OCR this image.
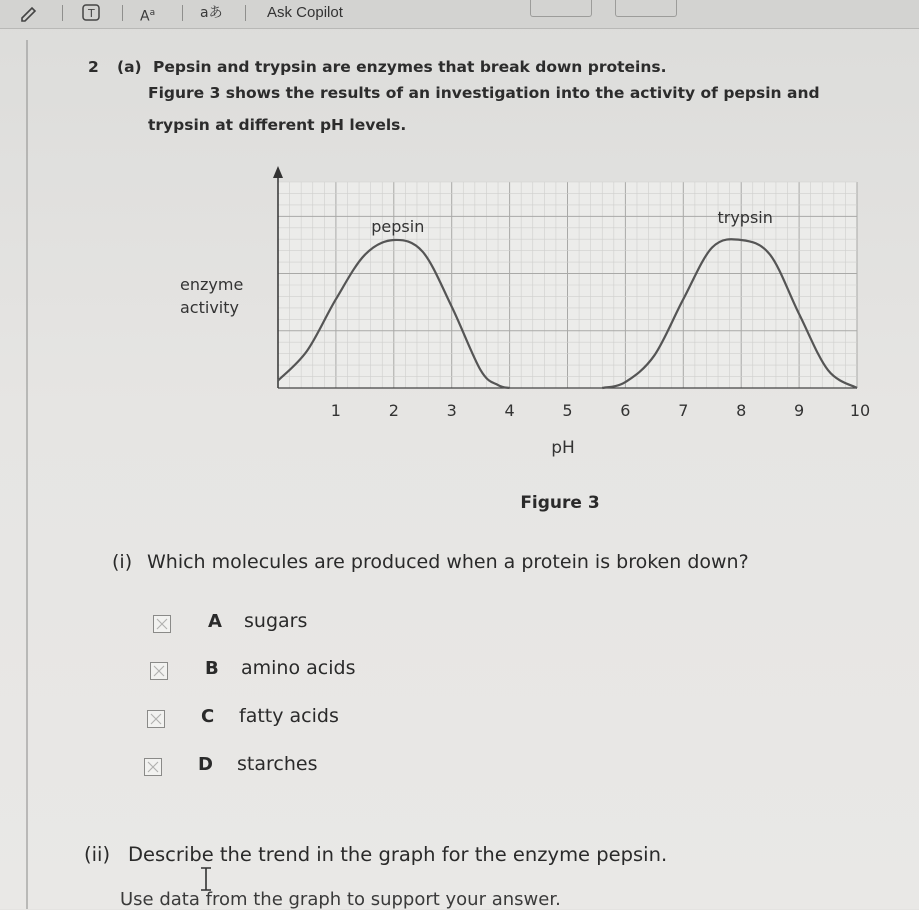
T	$A^a$	aあ	Ask Copilot
2 (a) Pepsin and trypsin are enzymes that break down proteins.
Figure 3 shows the results of an investigation into the activity of pepsin and
trypsin at different pH levels.
enzyme
activity
1	2	3	4	5	6	7	8	9	10
pepsin	trypsin
pH
Figure 3
(i) Which molecules are produced when a protein is broken down?
A sugars
B amino acids
C fatty acids
D starches
(ii) Describe the trend in the graph for the enzyme pepsin.
Use data from the graph to support your answer.
